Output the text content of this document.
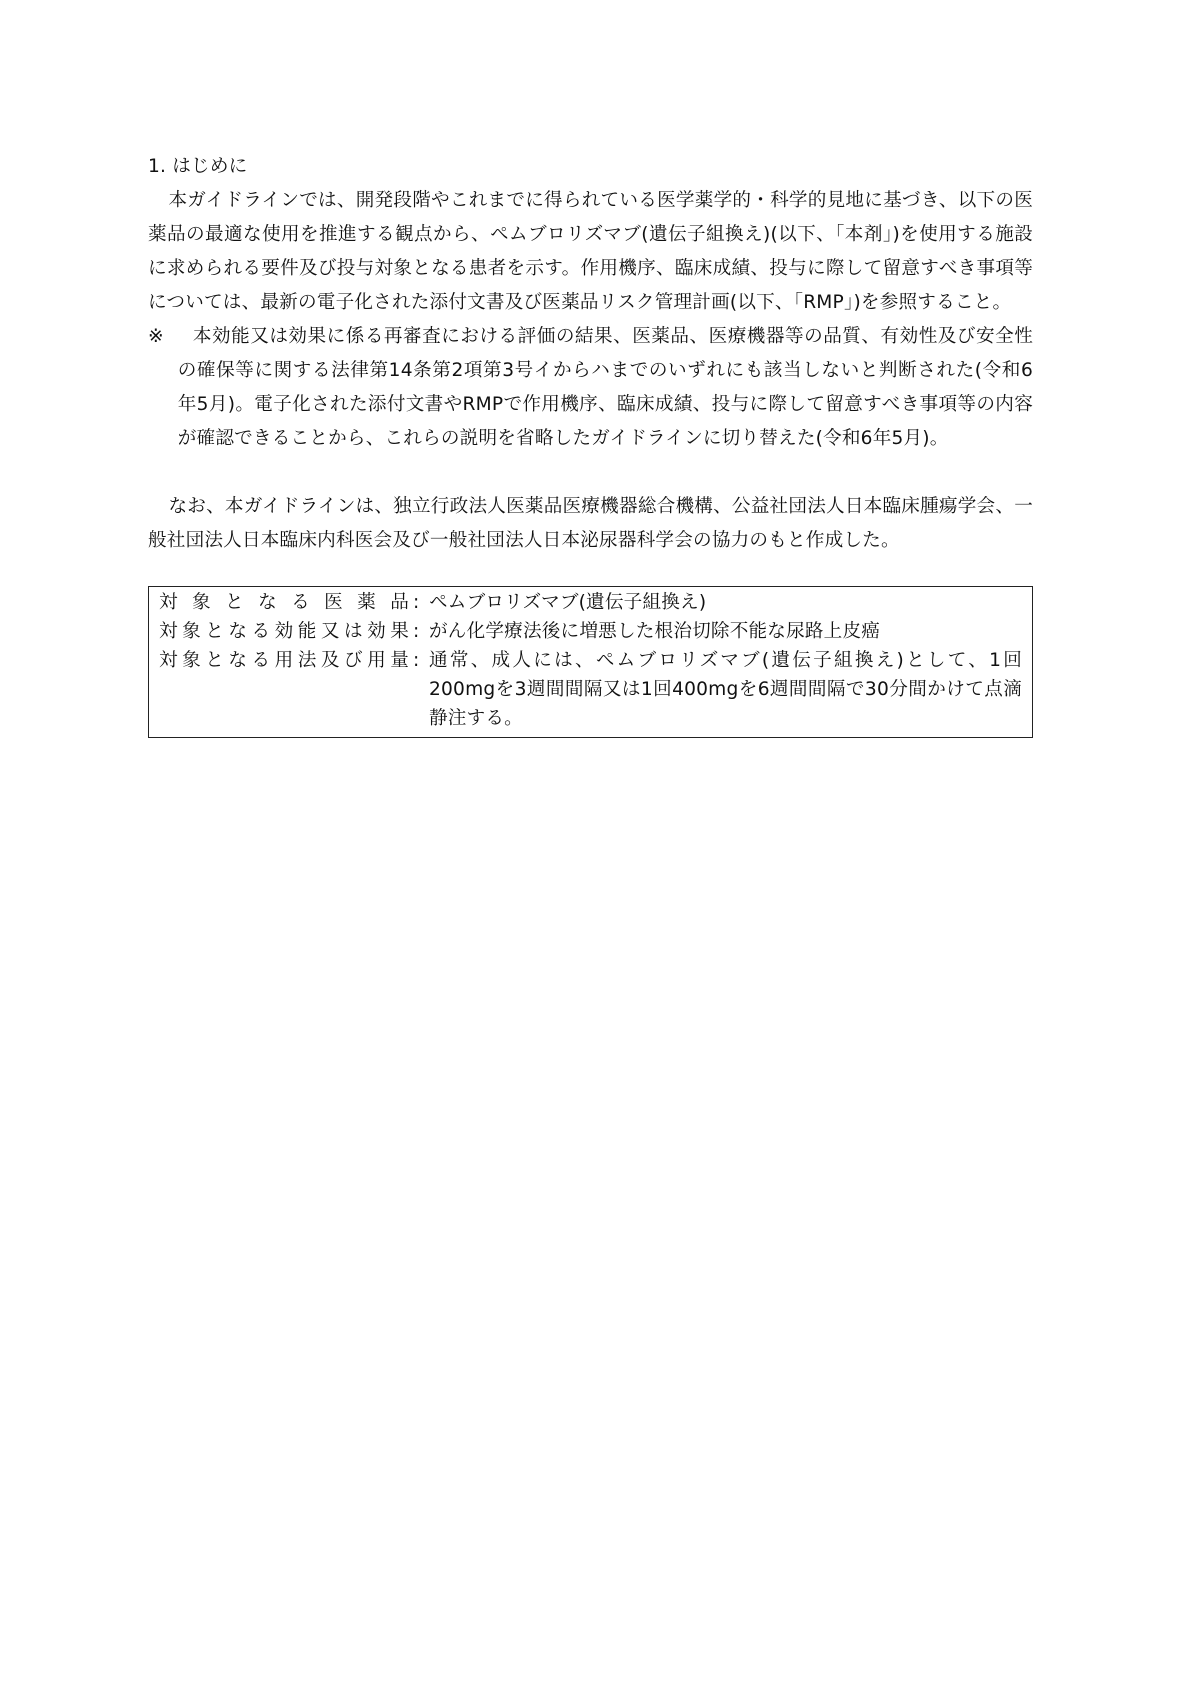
1. はじめに

本ガイドラインでは、開発段階やこれまでに得られている医学薬学的・科学的見地に基づき、以下の医薬品の最適な使用を推進する観点から、ペムブロリズマブ(遺伝子組換え)(以下、「本剤」)を使用する施設に求められる要件及び投与対象となる患者を示す。作用機序、臨床成績、投与に際して留意すべき事項等については、最新の電子化された添付文書及び医薬品リスク管理計画(以下、「RMP」)を参照すること。

※ 本効能又は効果に係る再審査における評価の結果、医薬品、医療機器等の品質、有効性及び安全性の確保等に関する法律第14条第2項第3号イからハまでのいずれにも該当しないと判断された(令和6年5月)。電子化された添付文書やRMPで作用機序、臨床成績、投与に際して留意すべき事項等の内容が確認できることから、これらの説明を省略したガイドラインに切り替えた(令和6年5月)。

なお、本ガイドラインは、独立行政法人医薬品医療機器総合機構、公益社団法人日本臨床腫瘍学会、一般社団法人日本臨床内科医会及び一般社団法人日本泌尿器科学会の協力のもと作成した。

対象となる医薬品 : ペムブロリズマブ(遺伝子組換え)
対象となる効能又は効果 : がん化学療法後に増悪した根治切除不能な尿路上皮癌
対象となる用法及び用量 : 通常、成人には、ペムブロリズマブ(遺伝子組換え)として、1回200mgを3週間間隔又は1回400mgを6週間間隔で30分間かけて点滴静注する。
